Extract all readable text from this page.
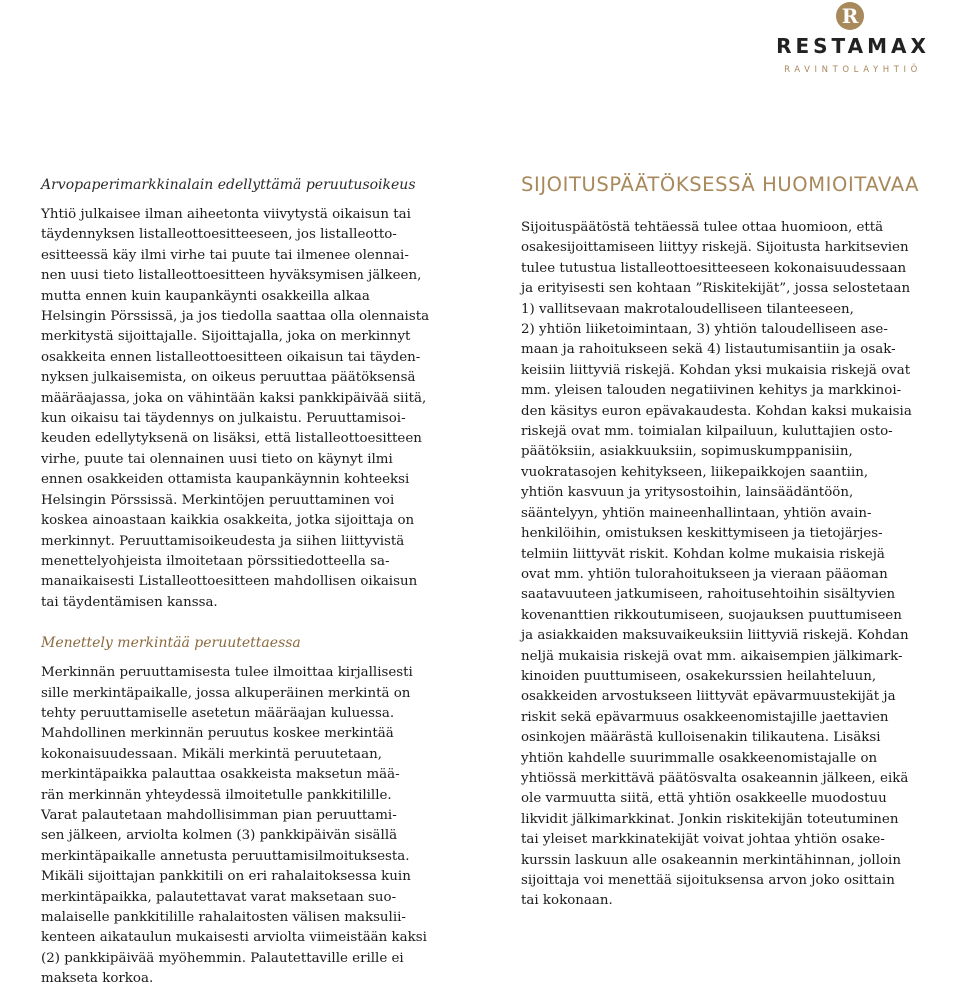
R
RESTAMAX
RAVINTOLAYHTIÖ
Arvopaperimarkkinalain edellyttämä peruutusoikeus
Yhtiö julkaisee ilman aiheetonta viivytystä oikaisun tai
täydennyksen listalleottoesitteeseen, jos listalleotto-
esitteessä käy ilmi virhe tai puute tai ilmenee olennai-
nen uusi tieto listalleottoesitteen hyväksymisen jälkeen,
mutta ennen kuin kaupankäynti osakkeilla alkaa
Helsingin Pörssissä, ja jos tiedolla saattaa olla olennaista
merkitystä sijoittajalle. Sijoittajalla, joka on merkinnyt
osakkeita ennen listalleottoesitteen oikaisun tai täyden-
nyksen julkaisemista, on oikeus peruuttaa päätöksensä
määräajassa, joka on vähintään kaksi pankkipäivää siitä,
kun oikaisu tai täydennys on julkaistu. Peruuttamisoi-
keuden edellytyksenä on lisäksi, että listalleottoesitteen
virhe, puute tai olennainen uusi tieto on käynyt ilmi
ennen osakkeiden ottamista kaupankäynnin kohteeksi
Helsingin Pörssissä. Merkintöjen peruuttaminen voi
koskea ainoastaan kaikkia osakkeita, jotka sijoittaja on
merkinnyt. Peruuttamisoikeudesta ja siihen liittyvistä
menettelyohjeista ilmoitetaan pörssitiedotteella sa-
manaikaisesti Listalleottoesitteen mahdollisen oikaisun
tai täydentämisen kanssa.
Menettely merkintää peruutettaessa
Merkinnän peruuttamisesta tulee ilmoittaa kirjallisesti
sille merkintäpaikalle, jossa alkuperäinen merkintä on
tehty peruuttamiselle asetetun määräajan kuluessa.
Mahdollinen merkinnän peruutus koskee merkintää
kokonaisuudessaan. Mikäli merkintä peruutetaan,
merkintäpaikka palauttaa osakkeista maksetun mää-
rän merkinnän yhteydessä ilmoitetulle pankkitilille.
Varat palautetaan mahdollisimman pian peruuttami-
sen jälkeen, arviolta kolmen (3) pankkipäivän sisällä
merkintäpaikalle annetusta peruuttamisilmoituksesta.
Mikäli sijoittajan pankkitili on eri rahalaitoksessa kuin
merkintäpaikka, palautettavat varat maksetaan suo-
malaiselle pankkitilille rahalaitosten välisen maksulii-
kenteen aikataulun mukaisesti arviolta viimeistään kaksi
(2) pankkipäivää myöhemmin. Palautettaville erille ei
makseta korkoa.
SIJOITUSPÄÄTÖKSESSÄ HUOMIOITAVAA
Sijoituspäätöstä tehtäessä tulee ottaa huomioon, että
osakesijoittamiseen liittyy riskejä. Sijoitusta harkitsevien
tulee tutustua listalleottoesitteeseen kokonaisuudessaan
ja erityisesti sen kohtaan ”Riskitekijät”, jossa selostetaan
1) vallitsevaan makrotaloudelliseen tilanteeseen,
2) yhtiön liiketoimintaan, 3) yhtiön taloudelliseen ase-
maan ja rahoitukseen sekä 4) listautumisantiin ja osak-
keisiin liittyviä riskejä. Kohdan yksi mukaisia riskejä ovat
mm. yleisen talouden negatiivinen kehitys ja markkinoi-
den käsitys euron epävakaudesta. Kohdan kaksi mukaisia
riskejä ovat mm. toimialan kilpailuun, kuluttajien osto-
päätöksiin, asiakkuuksiin, sopimuskumppanisiin,
vuokratasojen kehitykseen, liikepaikkojen saantiin,
yhtiön kasvuun ja yritysostoihin, lainsäädäntöön,
sääntelyyn, yhtiön maineenhallintaan, yhtiön avain-
henkilöihin, omistuksen keskittymiseen ja tietojärjes-
telmiin liittyvät riskit. Kohdan kolme mukaisia riskejä
ovat mm. yhtiön tulorahoitukseen ja vieraan pääoman
saatavuuteen jatkumiseen, rahoitusehtoihin sisältyvien
kovenanttien rikkoutumiseen, suojauksen puuttumiseen
ja asiakkaiden maksuvaikeuksiin liittyviä riskejä. Kohdan
neljä mukaisia riskejä ovat mm. aikaisempien jälkimark-
kinoiden puuttumiseen, osakekurssien heilahteluun,
osakkeiden arvostukseen liittyvät epävarmuustekijät ja
riskit sekä epävarmuus osakkeenomistajille jaettavien
osinkojen määrästä kulloisenakin tilikautena. Lisäksi
yhtiön kahdelle suurimmalle osakkeenomistajalle on
yhtiössä merkittävä päätösvalta osakeannin jälkeen, eikä
ole varmuutta siitä, että yhtiön osakkeelle muodostuu
likvidit jälkimarkkinat. Jonkin riskitekijän toteutuminen
tai yleiset markkinatekijät voivat johtaa yhtiön osake-
kurssin laskuun alle osakeannin merkintähinnan, jolloin
sijoittaja voi menettää sijoituksensa arvon joko osittain
tai kokonaan.
